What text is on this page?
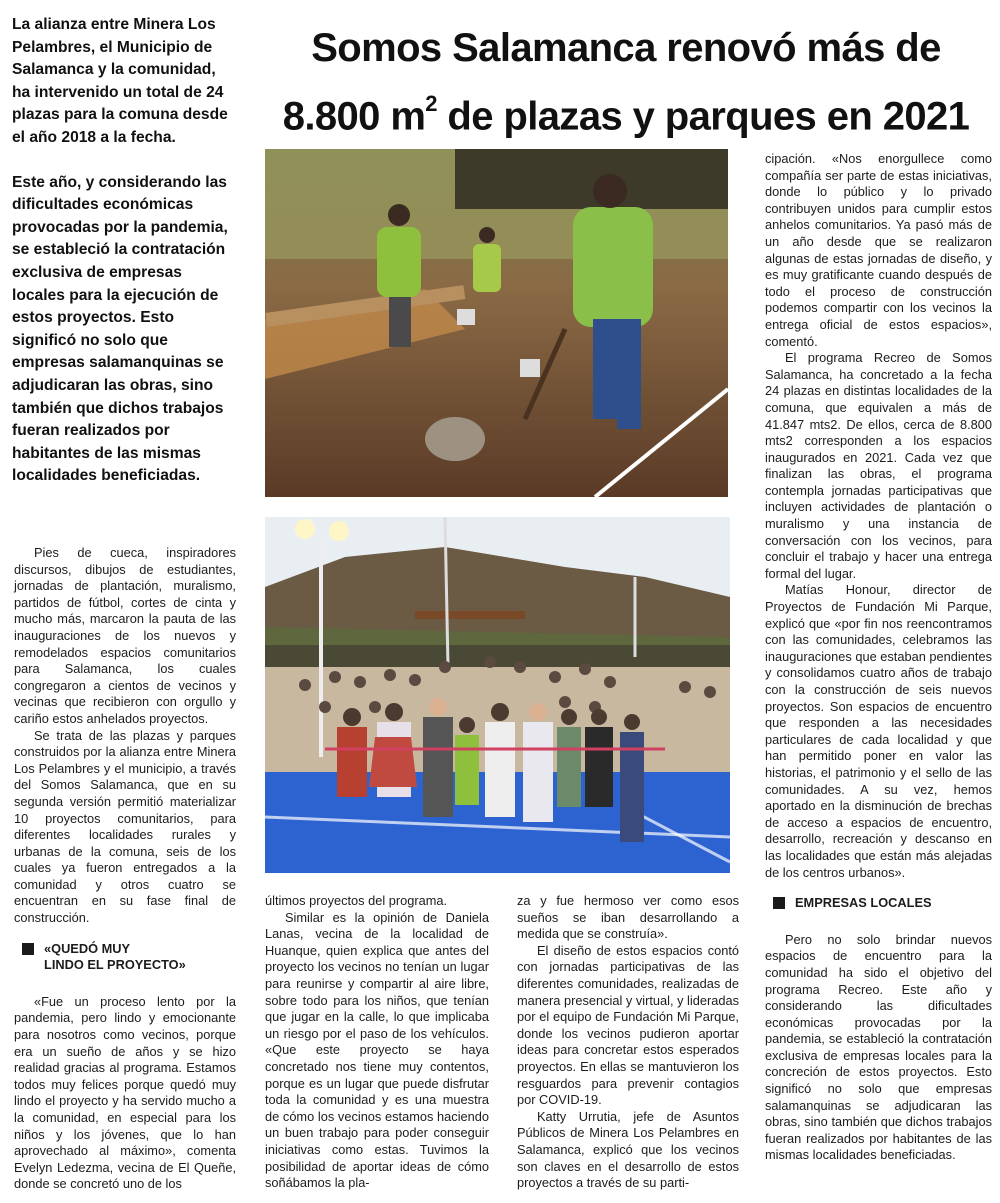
Somos Salamanca renovó más de
8.800 $m^2$ de plazas y parques en 2021

La alianza entre Minera Los Pelambres, el Municipio de Salamanca y la comunidad, ha intervenido un total de 24 plazas para la comuna desde el año 2018 a la fecha.

Este año, y considerando las dificultades económicas provocadas por la pandemia, se estableció la contratación exclusiva de empresas locales para la ejecución de estos proyectos. Esto significó no solo que empresas salamanquinas se adjudicaran las obras, sino también que dichos trabajos fueran realizados por habitantes de las mismas localidades beneficiadas.

Pies de cueca, inspiradores discursos, dibujos de estudiantes, jornadas de plantación, muralismo, partidos de fútbol, cortes de cinta y mucho más, marcaron la pauta de las inauguraciones de los nuevos y remodelados espacios comunitarios para Salamanca, los cuales congregaron a cientos de vecinos y vecinas que recibieron con orgullo y cariño estos anhelados proyectos.

Se trata de las plazas y parques construidos por la alianza entre Minera Los Pelambres y el municipio, a través del Somos Salamanca, que en su segunda versión permitió materializar 10 proyectos comunitarios, para diferentes localidades rurales y urbanas de la comuna, seis de los cuales ya fueron entregados a la comunidad y otros cuatro se encuentran en su fase final de construcción.

«QUEDÓ MUY
LINDO EL PROYECTO»

«Fue un proceso lento por la pandemia, pero lindo y emocionante para nosotros como vecinos, porque era un sueño de años y se hizo realidad gracias al programa. Estamos todos muy felices porque quedó muy lindo el proyecto y ha servido mucho a la comunidad, en especial para los niños y los jóvenes, que lo han aprovechado al máximo», comenta Evelyn Ledezma, vecina de El Queñe, donde se concretó uno de los

últimos proyectos del programa.

Similar es la opinión de Daniela Lanas, vecina de la localidad de Huanque, quien explica que antes del proyecto los vecinos no tenían un lugar para reunirse y compartir al aire libre, sobre todo para los niños, que tenían que jugar en la calle, lo que implicaba un riesgo por el paso de los vehículos. «Que este proyecto se haya concretado nos tiene muy contentos, porque es un lugar que puede disfrutar toda la comunidad y es una muestra de cómo los vecinos estamos haciendo un buen trabajo para poder conseguir iniciativas como estas. Tuvimos la posibilidad de aportar ideas de cómo soñábamos la pla-

za y fue hermoso ver como esos sueños se iban desarrollando a medida que se construía».

El diseño de estos espacios contó con jornadas participativas de las diferentes comunidades, realizadas de manera presencial y virtual, y lideradas por el equipo de Fundación Mi Parque, donde los vecinos pudieron aportar ideas para concretar estos esperados proyectos. En ellas se mantuvieron los resguardos para prevenir contagios por COVID-19.

Katty Urrutia, jefe de Asuntos Públicos de Minera Los Pelambres en Salamanca, explicó que los vecinos son claves en el desarrollo de estos proyectos a través de su parti-

cipación. «Nos enorgullece como compañía ser parte de estas iniciativas, donde lo público y lo privado contribuyen unidos para cumplir estos anhelos comunitarios. Ya pasó más de un año desde que se realizaron algunas de estas jornadas de diseño, y es muy gratificante cuando después de todo el proceso de construcción podemos compartir con los vecinos la entrega oficial de estos espacios», comentó.

El programa Recreo de Somos Salamanca, ha concretado a la fecha 24 plazas en distintas localidades de la comuna, que equivalen a más de 41.847 mts2. De ellos, cerca de 8.800 mts2 corresponden a los espacios inaugurados en 2021. Cada vez que finalizan las obras, el programa contempla jornadas participativas que incluyen actividades de plantación o muralismo y una instancia de conversación con los vecinos, para concluir el trabajo y hacer una entrega formal del lugar.

Matías Honour, director de Proyectos de Fundación Mi Parque, explicó que «por fin nos reencontramos con las comunidades, celebramos las inauguraciones que estaban pendientes y consolidamos cuatro años de trabajo con la construcción de seis nuevos proyectos. Son espacios de encuentro que responden a las necesidades particulares de cada localidad y que han permitido poner en valor las historias, el patrimonio y el sello de las comunidades. A su vez, hemos aportado en la disminución de brechas de acceso a espacios de encuentro, desarrollo, recreación y descanso en las localidades que están más alejadas de los centros urbanos».

EMPRESAS LOCALES

Pero no solo brindar nuevos espacios de encuentro para la comunidad ha sido el objetivo del programa Recreo. Este año y considerando las dificultades económicas provocadas por la pandemia, se estableció la contratación exclusiva de empresas locales para la concreción de estos proyectos. Esto significó no solo que empresas salamanquinas se adjudicaran las obras, sino también que dichos trabajos fueran realizados por habitantes de las mismas localidades beneficiadas.
